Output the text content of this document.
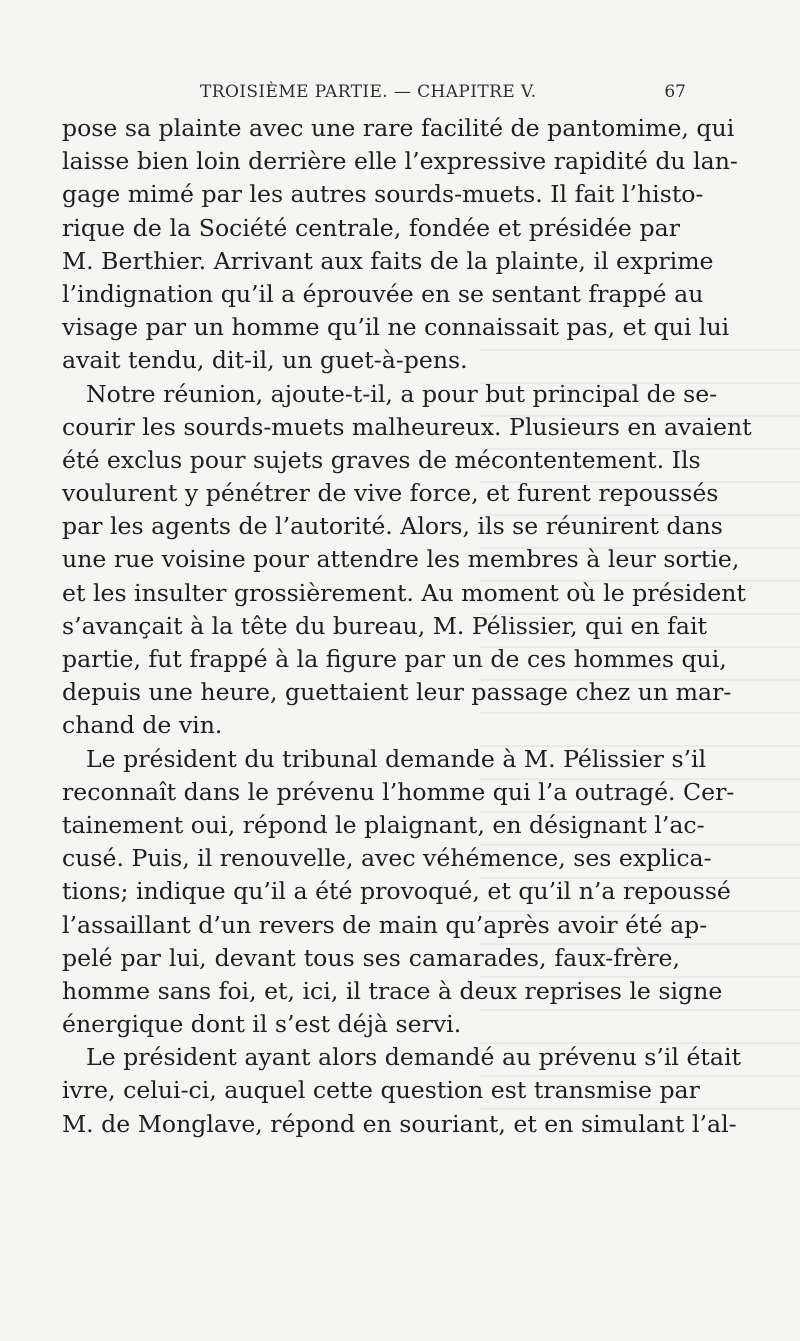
TROISIÈME PARTIE. — CHAPITRE V.	67

pose sa plainte avec une rare facilité de pantomime, qui
laisse bien loin derrière elle l’expressive rapidité du lan-
gage mimé par les autres sourds-muets. Il fait l’histo-
rique de la Société centrale, fondée et présidée par
M. Berthier. Arrivant aux faits de la plainte, il exprime
l’indignation qu’il a éprouvée en se sentant frappé au
visage par un homme qu’il ne connaissait pas, et qui lui
avait tendu, dit-il, un guet-à-pens.

Notre réunion, ajoute-t-il, a pour but principal de se-
courir les sourds-muets malheureux. Plusieurs en avaient
été exclus pour sujets graves de mécontentement. Ils
voulurent y pénétrer de vive force, et furent repoussés
par les agents de l’autorité. Alors, ils se réunirent dans
une rue voisine pour attendre les membres à leur sortie,
et les insulter grossièrement. Au moment où le président
s’avançait à la tête du bureau, M. Pélissier, qui en fait
partie, fut frappé à la figure par un de ces hommes qui,
depuis une heure, guettaient leur passage chez un mar-
chand de vin.

Le président du tribunal demande à M. Pélissier s’il
reconnaît dans le prévenu l’homme qui l’a outragé. Cer-
tainement oui, répond le plaignant, en désignant l’ac-
cusé. Puis, il renouvelle, avec véhémence, ses explica-
tions; indique qu’il a été provoqué, et qu’il n’a repoussé
l’assaillant d’un revers de main qu’après avoir été ap-
pelé par lui, devant tous ses camarades, faux-frère,
homme sans foi, et, ici, il trace à deux reprises le signe
énergique dont il s’est déjà servi.

Le président ayant alors demandé au prévenu s’il était
ivre, celui-ci, auquel cette question est transmise par
M. de Monglave, répond en souriant, et en simulant l’al-
